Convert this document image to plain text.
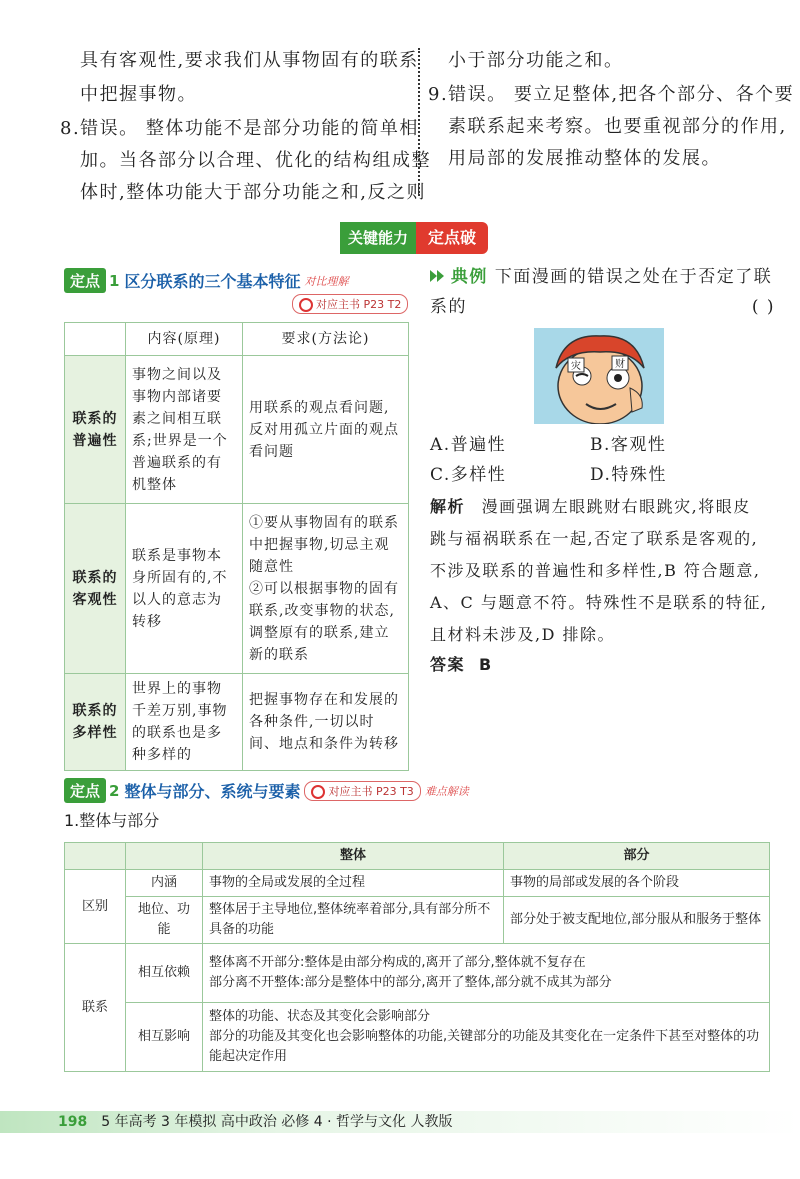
具有客观性,要求我们从事物固有的联系
中把握事物。
8.错误。 整体功能不是部分功能的简单相
加。当各部分以合理、优化的结构组成整
体时,整体功能大于部分功能之和,反之则
小于部分功能之和。
9.错误。 要立足整体,把各个部分、各个要
素联系起来考察。也要重视部分的作用,
用局部的发展推动整体的发展。
关键能力	定点破
定点 1 区分联系的三个基本特征 对比理解
对应主书 P23 T2
	内容(原理)	要求(方法论)
联系的普遍性	事物之间以及事物内部诸要素之间相互联系;世界是一个普遍联系的有机整体	用联系的观点看问题,反对用孤立片面的观点看问题
联系的客观性	联系是事物本身所固有的,不以人的意志为转移	①要从事物固有的联系中把握事物,切忌主观随意性
②可以根据事物的固有联系,改变事物的状态,调整原有的联系,建立新的联系
联系的多样性	世界上的事物千差万别,事物的联系也是多种多样的	把握事物存在和发展的各种条件,一切以时间、地点和条件为转移
典例 下面漫画的错误之处在于否定了联
系的	( )
灾	财
A.普遍性	B.客观性
C.多样性	D.特殊性
解析 漫画强调左眼跳财右眼跳灾,将眼皮
跳与福祸联系在一起,否定了联系是客观的,
不涉及联系的普遍性和多样性,B 符合题意,
A、C 与题意不符。特殊性不是联系的特征,
且材料未涉及,D 排除。
答案 B
定点 2 整体与部分、系统与要素	对应主书 P23 T3	难点解读
1.整体与部分
		整体	部分
区别	内涵	事物的全局或发展的全过程	事物的局部或发展的各个阶段
	地位、功能	整体居于主导地位,整体统率着部分,具有部分所不具备的功能	部分处于被支配地位,部分服从和服务于整体
联系	相互依赖	整体离不开部分:整体是由部分构成的,离开了部分,整体就不复存在
部分离不开整体:部分是整体中的部分,离开了整体,部分就不成其为部分	

	相互影响	整体的功能、状态及其变化会影响部分
部分的功能及其变化也会影响整体的功能,关键部分的功能及其变化在一定条件下甚至对整体的功能起决定作用	
198 5 年高考 3 年模拟 高中政治 必修 4 · 哲学与文化 人教版
